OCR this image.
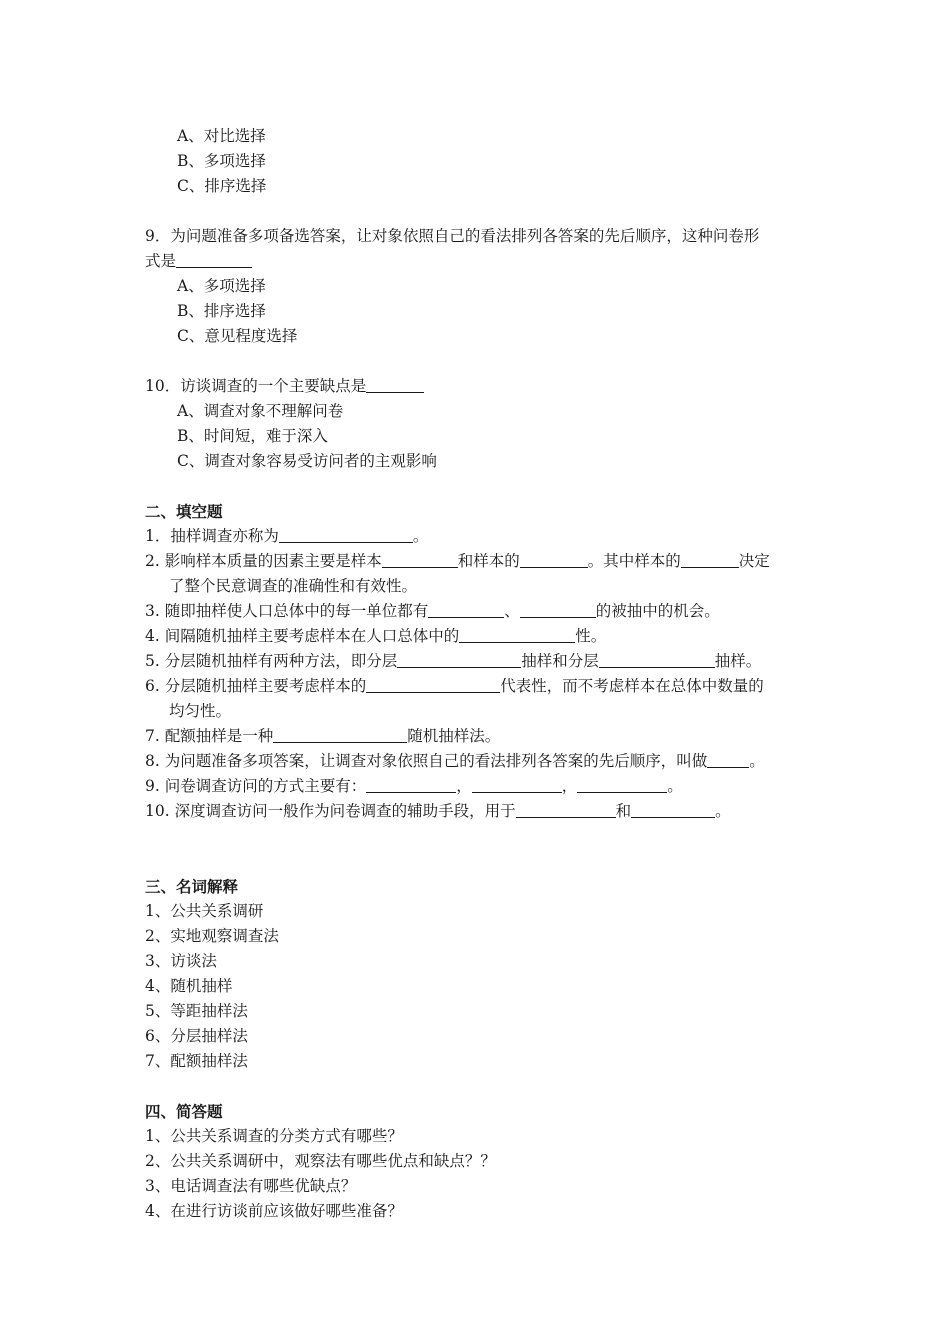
A、对比选择
B、多项选择
C、排序选择
9．为问题准备多项备选答案，让对象依照自己的看法排列各答案的先后顺序，这种问卷形
式是
A、多项选择
B、排序选择
C、意见程度选择
10．访谈调查的一个主要缺点是
A、调查对象不理解问卷
B、时间短，难于深入
C、调查对象容易受访问者的主观影响
二、填空题
1．抽样调查亦称为	。
2. 影响样本质量的因素主要是样本	和样本的	。其中样本的	决定
了整个民意调查的准确性和有效性。
3. 随即抽样使人口总体中的每一单位都有	、	的被抽中的机会。
4. 间隔随机抽样主要考虑样本在人口总体中的	性。
5. 分层随机抽样有两种方法，即分层	抽样和分层	抽样。
6. 分层随机抽样主要考虑样本的	代表性，而不考虑样本在总体中数量的
均匀性。
7. 配额抽样是一种	随机抽样法。
8. 为问题准备多项答案，让调查对象依照自己的看法排列各答案的先后顺序，叫做	。
9. 问卷调查访问的方式主要有：	，	，	。
10. 深度调查访问一般作为问卷调查的辅助手段，用于	和	。
三、名词解释
1、公共关系调研
2、实地观察调查法
3、访谈法
4、随机抽样
5、等距抽样法
6、分层抽样法
7、配额抽样法
四、简答题
1、公共关系调查的分类方式有哪些？
2、公共关系调研中，观察法有哪些优点和缺点？？
3、电话调查法有哪些优缺点？
4、在进行访谈前应该做好哪些准备？
